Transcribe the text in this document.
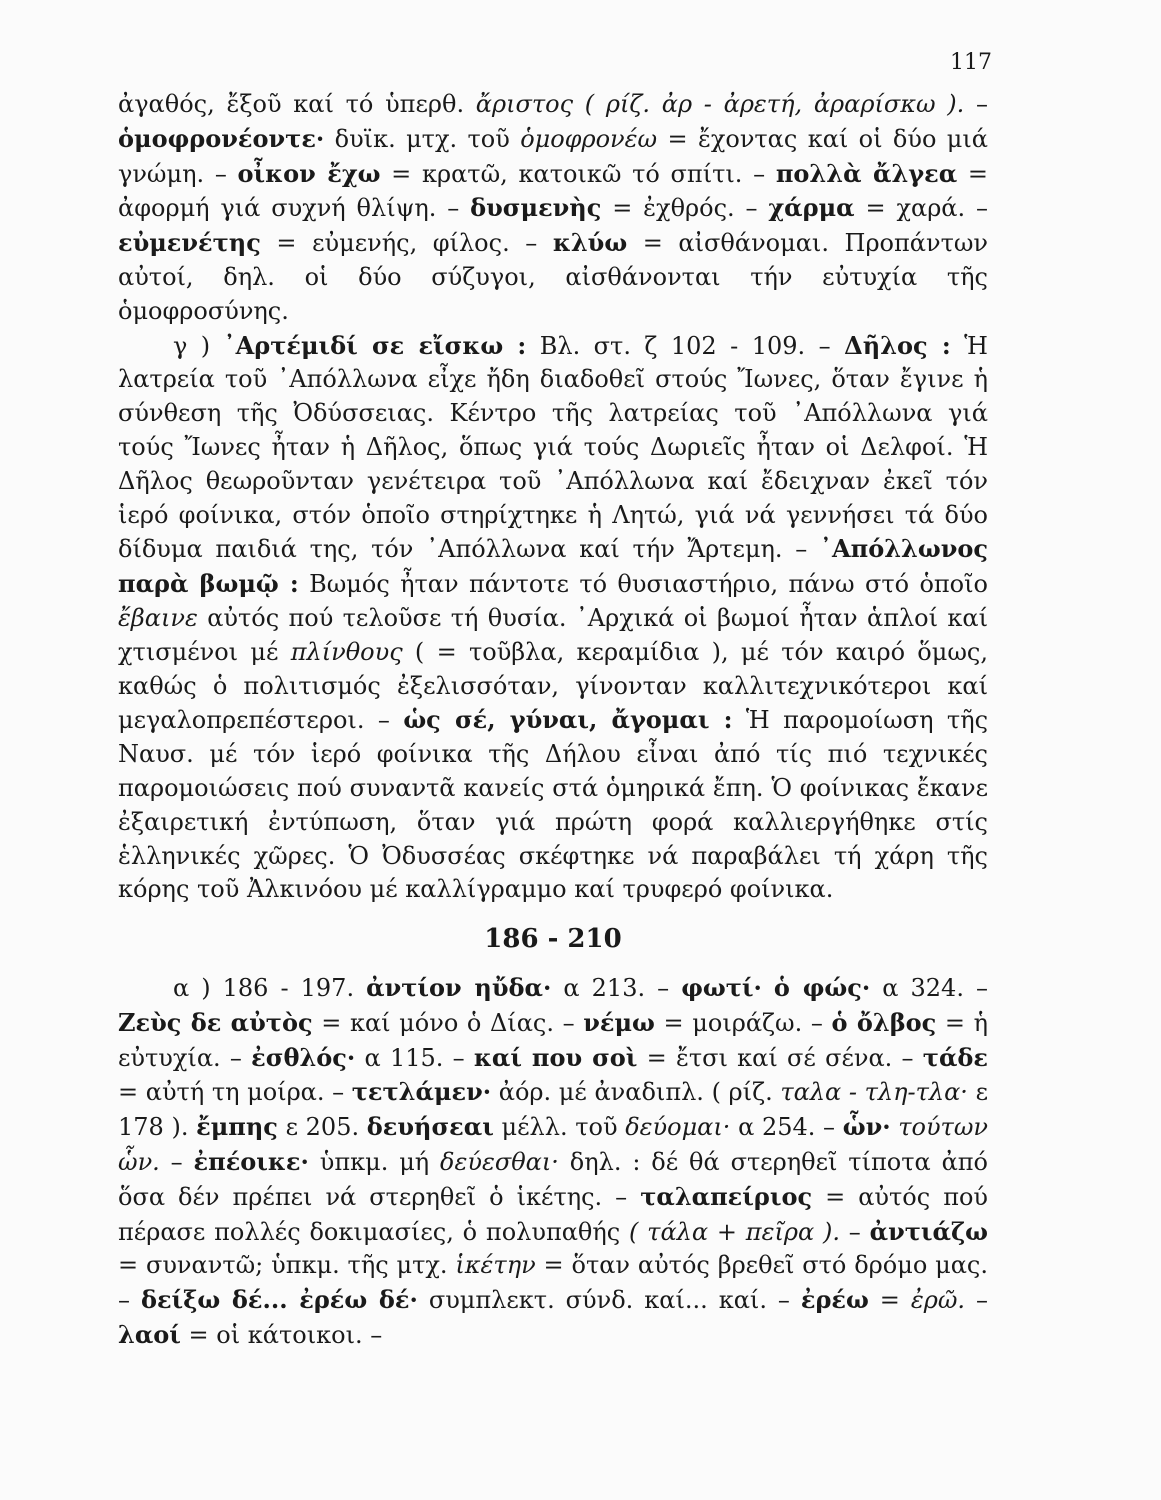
117

ἀγαθός, ἔξοῦ καί τό ὑπερθ. ἄριστος ( ρίζ. ἀρ - ἀρετή, ἀραρίσκω ). – ὁμοφρονέοντε· δυϊκ. μτχ. τοῦ ὁμοφρονέω = ἔχοντας καί οἱ δύο μιά γνώμη. – οἶκον ἔχω = κρατῶ, κατοικῶ τό σπίτι. – πολλὰ ἄλγεα = ἀφορμή γιά συχνή θλίψη. – δυσμενὴς = ἐχθρός. – χάρμα = χαρά. – εὐμενέτης = εὐμενής, φίλος. – κλύω = αἰσθάνομαι. Προπάντων αὐτοί, δηλ. οἱ δύο σύζυγοι, αἰσθάνονται τήν εὐτυχία τῆς ὁμοφροσύνης.

γ ) ᾿Αρτέμιδί σε εἴσκω : Βλ. στ. ζ 102 - 109. – Δῆλος : Ἡ λατρεία τοῦ ᾿Απόλλωνα εἶχε ἤδη διαδοθεῖ στούς Ἴωνες, ὅταν ἔγινε ἡ σύνθεση τῆς Ὀδύσσειας. Κέντρο τῆς λατρείας τοῦ ᾿Απόλλωνα γιά τούς Ἴωνες ἦταν ἡ Δῆλος, ὅπως γιά τούς Δωριεῖς ἦταν οἱ Δελφοί. Ἡ Δῆλος θεωροῦνταν γενέτειρα τοῦ ᾿Απόλλωνα καί ἔδειχναν ἐκεῖ τόν ἱερό φοίνικα, στόν ὁποῖο στηρίχτηκε ἡ Λητώ, γιά νά γεννήσει τά δύο δίδυμα παιδιά της, τόν ᾿Απόλλωνα καί τήν Ἄρτεμη. – ᾿Απόλλωνος παρὰ βωμῷ : Βωμός ἦταν πάντοτε τό θυσιαστήριο, πάνω στό ὁποῖο ἔβαινε αὐτός πού τελοῦσε τή θυσία. ᾿Αρχικά οἱ βωμοί ἦταν ἁπλοί καί χτισμένοι μέ πλίνθους ( = τοῦβλα, κεραμίδια ), μέ τόν καιρό ὅμως, καθώς ὁ πολιτισμός ἐξελισσόταν, γίνονταν καλλιτεχνικότεροι καί μεγαλοπρεπέστεροι. – ὡς σέ, γύναι, ἄγομαι : Ἡ παρομοίωση τῆς Ναυσ. μέ τόν ἱερό φοίνικα τῆς Δήλου εἶναι ἀπό τίς πιό τεχνικές παρομοιώσεις πού συναντᾶ κανείς στά ὁμηρικά ἔπη. Ὁ φοίνικας ἔκανε ἐξαιρετική ἐντύπωση, ὅταν γιά πρώτη φορά καλλιεργήθηκε στίς ἑλληνικές χῶρες. Ὁ Ὀδυσσέας σκέφτηκε νά παραβάλει τή χάρη τῆς κόρης τοῦ Ἀλκινόου μέ καλλίγραμμο καί τρυφερό φοίνικα.

186 - 210

α ) 186 - 197. ἀντίον ηὔδα· α 213. – φωτί· ὁ φώς· α 324. – Ζεὺς δε αὐτὸς = καί μόνο ὁ Δίας. – νέμω = μοιράζω. – ὁ ὄλβος = ἡ εὐτυχία. – ἐσθλός· α 115. – καί που σοὶ = ἔτσι καί σέ σένα. – τάδε = αὐτή τη μοίρα. – τετλάμεν· ἀόρ. μέ ἀναδιπλ. ( ρίζ. ταλα - τλη-τλα· ε 178 ). ἔμπης ε 205. δευήσεαι μέλλ. τοῦ δεύομαι· α 254. – ὧν· τούτων ὧν. – ἐπέοικε· ὑπκμ. μή δεύεσθαι· δηλ. : δέ θά στερηθεῖ τίποτα ἀπό ὅσα δέν πρέπει νά στερηθεῖ ὁ ἱκέτης. – ταλαπείριος = αὐτός πού πέρασε πολλές δοκιμασίες, ὁ πολυπαθής ( τάλα + πεῖρα ). – ἀντιάζω = συναντῶ; ὑπκμ. τῆς μτχ. ἱκέτην = ὅταν αὐτός βρεθεῖ στό δρόμο μας. – δείξω δέ... ἐρέω δέ· συμπλεκτ. σύνδ. καί... καί. – ἐρέω = ἐρῶ. – λαοί = οἱ κάτοικοι. –
